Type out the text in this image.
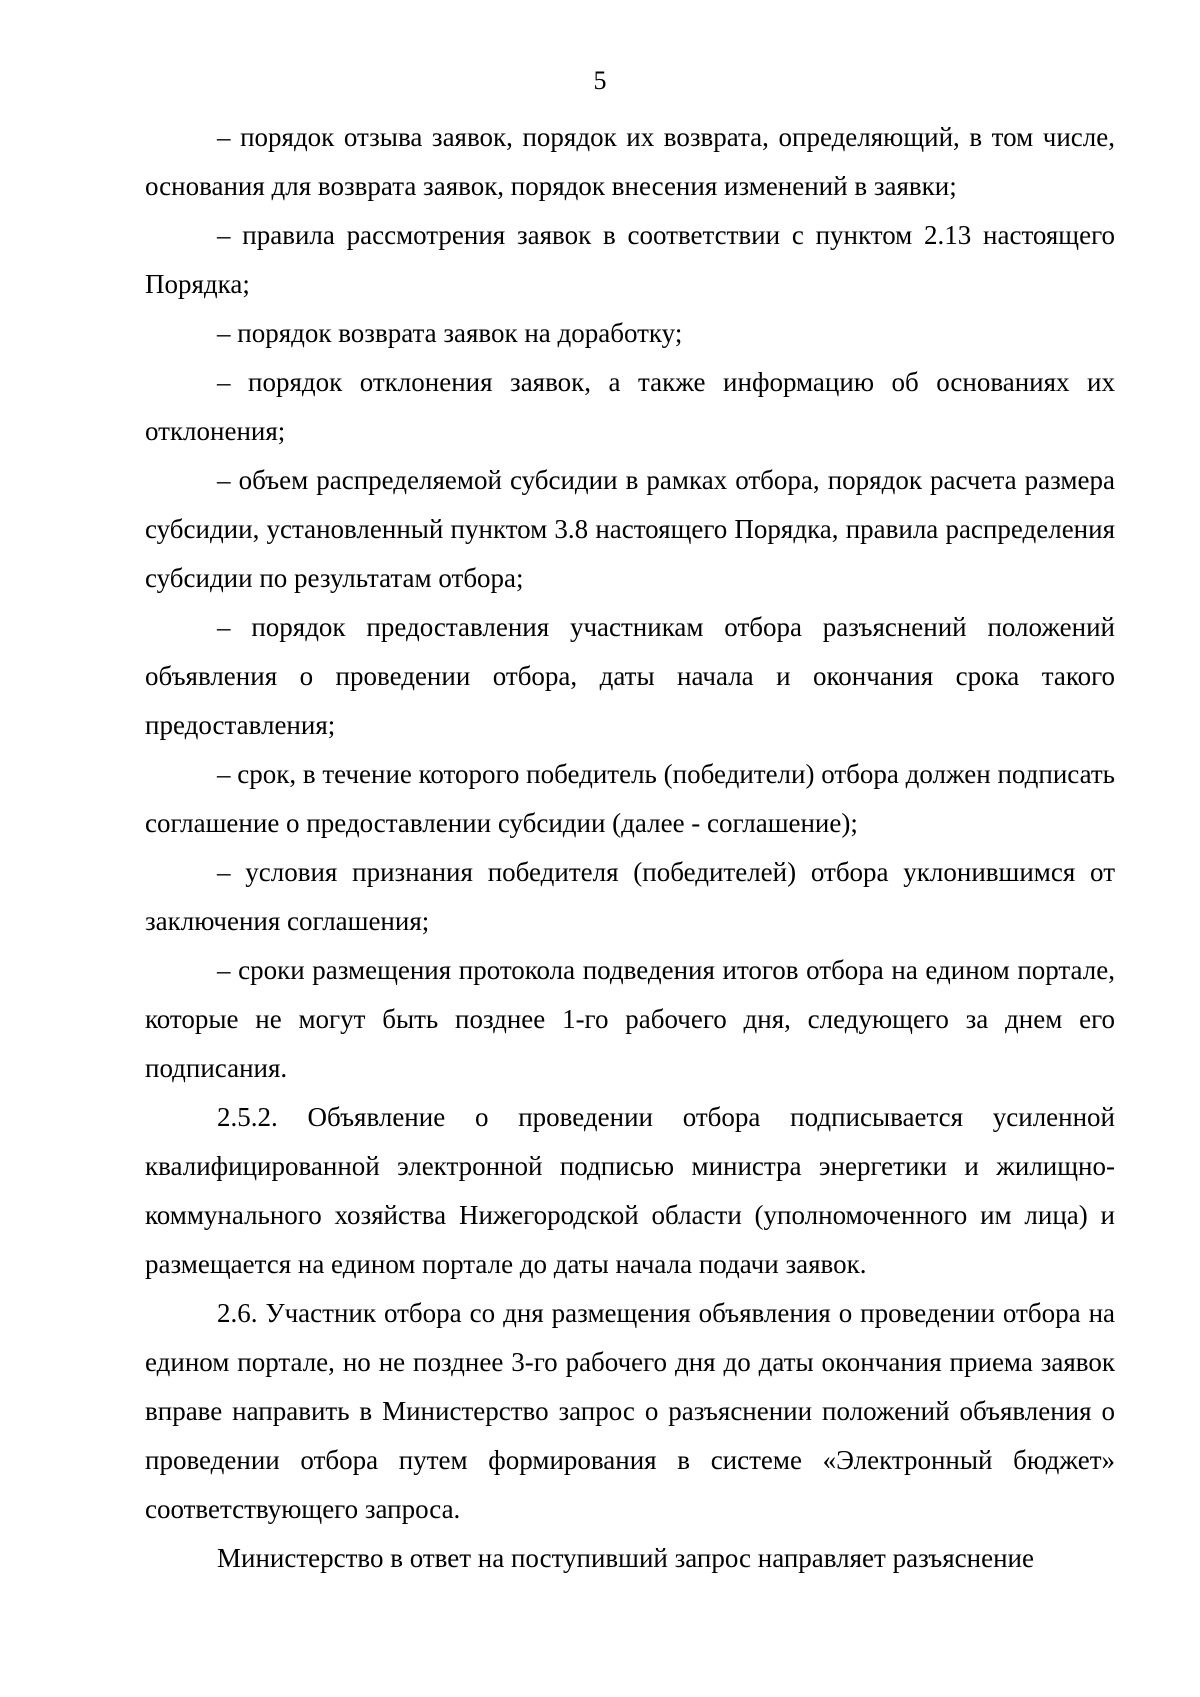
5

– порядок отзыва заявок, порядок их возврата, определяющий, в том числе, основания для возврата заявок, порядок внесения изменений в заявки;

– правила рассмотрения заявок в соответствии с пунктом 2.13 настоящего Порядка;

– порядок возврата заявок на доработку;

– порядок отклонения заявок, а также информацию об основаниях их отклонения;

– объем распределяемой субсидии в рамках отбора, порядок расчета размера субсидии, установленный пунктом 3.8 настоящего Порядка, правила распределения субсидии по результатам отбора;

– порядок предоставления участникам отбора разъяснений положений объявления о проведении отбора, даты начала и окончания срока такого предоставления;

– срок, в течение которого победитель (победители) отбора должен подписать соглашение о предоставлении субсидии (далее - соглашение);

– условия признания победителя (победителей) отбора уклонившимся от заключения соглашения;

– сроки размещения протокола подведения итогов отбора на едином портале, которые не могут быть позднее 1-го рабочего дня, следующего за днем его подписания.

2.5.2. Объявление о проведении отбора подписывается усиленной квалифицированной электронной подписью министра энергетики и жилищно-коммунального хозяйства Нижегородской области (уполномоченного им лица) и размещается на едином портале до даты начала подачи заявок.

2.6. Участник отбора со дня размещения объявления о проведении отбора на едином портале, но не позднее 3-го рабочего дня до даты окончания приема заявок вправе направить в Министерство запрос о разъяснении положений объявления о проведении отбора путем формирования в системе «Электронный бюджет» соответствующего запроса.

Министерство в ответ на поступивший запрос направляет разъяснение
